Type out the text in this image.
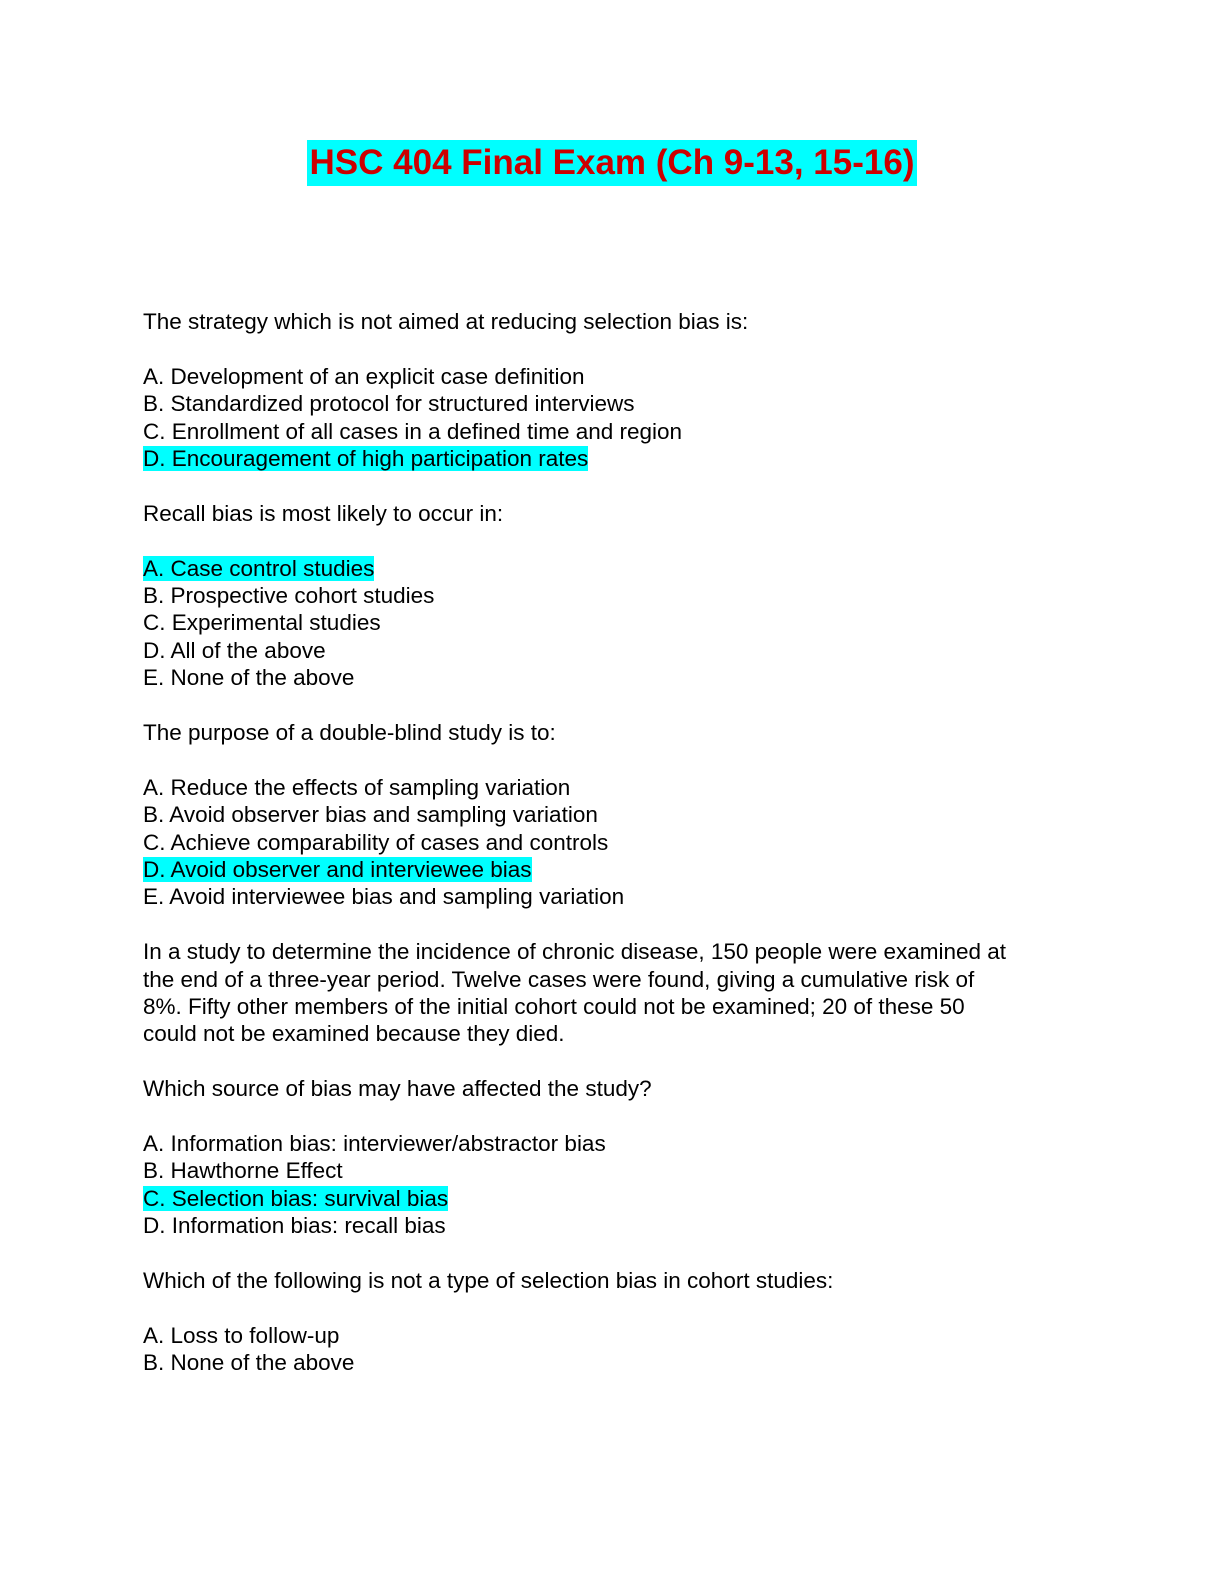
HSC 404 Final Exam (Ch 9-13, 15-16)
The strategy which is not aimed at reducing selection bias is:
A. Development of an explicit case definition
B. Standardized protocol for structured interviews
C. Enrollment of all cases in a defined time and region
D. Encouragement of high participation rates
Recall bias is most likely to occur in:
A. Case control studies
B. Prospective cohort studies
C. Experimental studies
D. All of the above
E. None of the above
The purpose of a double-blind study is to:
A. Reduce the effects of sampling variation
B. Avoid observer bias and sampling variation
C. Achieve comparability of cases and controls
D. Avoid observer and interviewee bias
E. Avoid interviewee bias and sampling variation
In a study to determine the incidence of chronic disease, 150 people were examined at
the end of a three-year period. Twelve cases were found, giving a cumulative risk of
8%. Fifty other members of the initial cohort could not be examined; 20 of these 50
could not be examined because they died.
Which source of bias may have affected the study?
A. Information bias: interviewer/abstractor bias
B. Hawthorne Effect
C. Selection bias: survival bias
D. Information bias: recall bias
Which of the following is not a type of selection bias in cohort studies:
A. Loss to follow-up
B. None of the above
